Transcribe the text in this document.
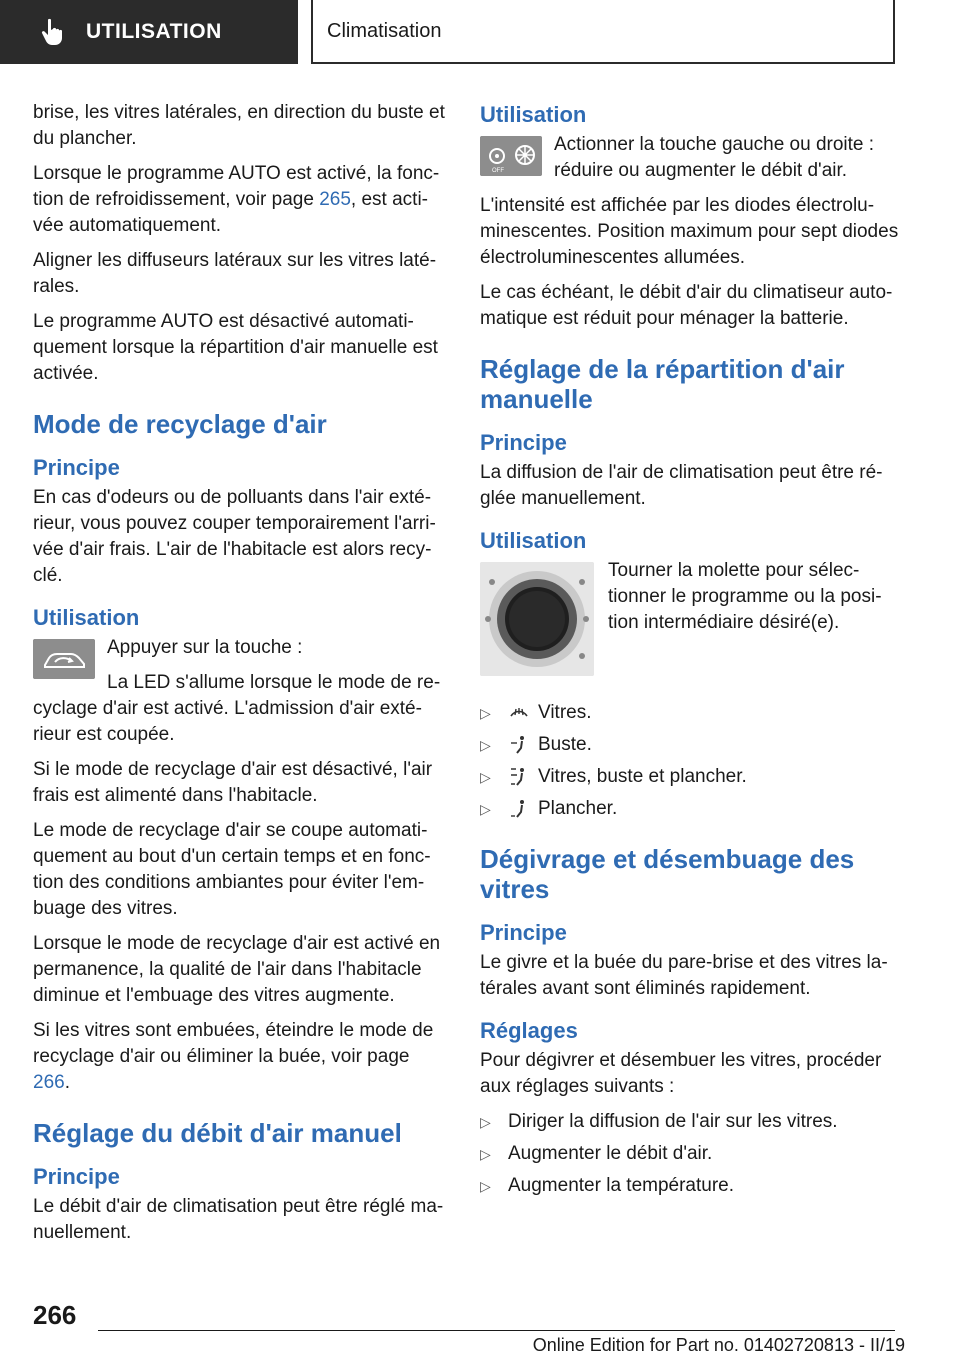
UTILISATION	Climatisation

brise, les vitres latérales, en direction du buste et du plancher.

Lorsque le programme AUTO est activé, la fonction de refroidissement, voir page 265, est activée automatiquement.

Aligner les diffuseurs latéraux sur les vitres latérales.

Le programme AUTO est désactivé automatiquement lorsque la répartition d'air manuelle est activée.

Mode de recyclage d'air
Principe

En cas d'odeurs ou de polluants dans l'air extérieur, vous pouvez couper temporairement l'arrivée d'air frais. L'air de l'habitacle est alors recyclé.

Utilisation

Appuyer sur la touche :

La LED s'allume lorsque le mode de recyclage d'air est activé. L'admission d'air extérieur est coupée.

Si le mode de recyclage d'air est désactivé, l'air frais est alimenté dans l'habitacle.

Le mode de recyclage d'air se coupe automatiquement au bout d'un certain temps et en fonction des conditions ambiantes pour éviter l'embuage des vitres.

Lorsque le mode de recyclage d'air est activé en permanence, la qualité de l'air dans l'habitacle diminue et l'embuage des vitres augmente.

Si les vitres sont embuées, éteindre le mode de recyclage d'air ou éliminer la buée, voir page 266.

Réglage du débit d'air manuel
Principe

Le débit d'air de climatisation peut être réglé manuellement.

Utilisation
OFF

Actionner la touche gauche ou droite : réduire ou augmenter le débit d'air.

L'intensité est affichée par les diodes électroluminescentes. Position maximum pour sept diodes électroluminescentes allumées.

Le cas échéant, le débit d'air du climatiseur automatique est réduit pour ménager la batterie.

Réglage de la répartition d'air manuelle
Principe

La diffusion de l'air de climatisation peut être réglée manuellement.

Utilisation

Tourner la molette pour sélectionner le programme ou la position intermédiaire désiré(e).

▷	Vitres.
▷	Buste.
▷	Vitres, buste et plancher.
▷	Plancher.
Dégivrage et désembuage des vitres
Principe

Le givre et la buée du pare-brise et des vitres latérales avant sont éliminés rapidement.

Réglages

Pour dégivrer et désembuer les vitres, procéder aux réglages suivants :

▷ Diriger la diffusion de l'air sur les vitres.
▷ Augmenter le débit d'air.
▷ Augmenter la température.
266
Online Edition for Part no. 01402720813 - II/19
